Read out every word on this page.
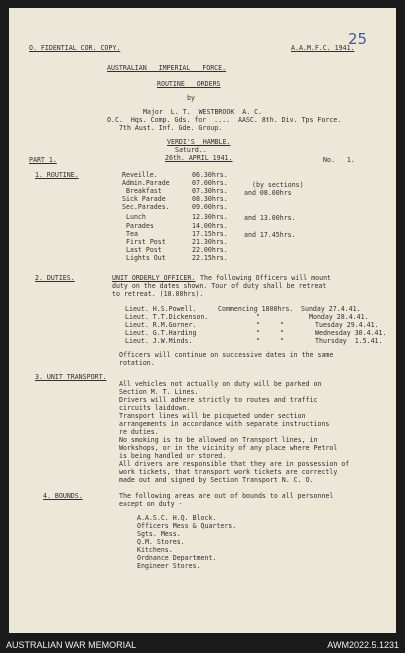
O. FIDENTIAL COR. COPY.	A.A.M.F.C. 1941.
25
AUSTRALIAN   IMPERIAL   FORCE.
ROUTINE   ORDERS
by
Major  L. T.  WESTBROOK  A. C.
O.C.  Hqs. Comp. Gds. for  ....  AASC. 8th. Div. Tps Force.
7th Aust. Inf. Gde. Group.
VERDI'S  HAMBLE.
Saturd..
26th. APRIL 1941.
PART 1.	No.   1.
1. ROUTINE.	Reveille.	06.30hrs.
Admin.Parade	07.00hrs.	(by sections)
Breakfast	07.30hrs. and 08.00hrs
Sick Parade	08.30hrs.
Sec.Parades.	09.00hrs.
Lunch	12.30hrs. and 13.00hrs.
Parades	14.00hrs.
Tea	17.15hrs. and 17.45hrs.
First Post	21.30hrs.
Last Post	22.00hrs.
Lights Out	22.15hrs.
2. DUTIES.	UNIT ORDERLY OFFICER. The following Officers will mount
duty on the dates shown. Tour of duty shall be retreat
to retreat. (18.00hrs).
Lieut. H.S.Powell.	Commencing 1800hrs. Sunday 27.4.41.
Lieut. T.T.Dickenson.	"	Monday 28.4.41.
Lieut. R.M.Gorner.	"     "	Tuesday 29.4.41.
Lieut. G.T.Harding	"     "	Wednesday 30.4.41.
Lieut. J.W.Minds.	"     "	Thursday  1.5.41.
Officers will continue on successive dates in the same
rotation.
3. UNIT TRANSPORT.
All vehicles not actually on duty will be parked on
Section M. T. Lines.
Drivers will adhere strictly to routes and traffic
circuits laiddown.
Transport lines will be picqueted under section
arrangements in accordance with separate instructions
re duties.
No smoking is to be allowed on Transport lines, in
Workshops, or in the vicinity of any place where Petrol
is being handled or stored.
All drivers are responsible that they are in possession of
work tickets, that transport work tickets are correctly
made out and signed by Section Transport N. C. O.
4. BOUNDS.	The following areas are out of bounds to all personnel
except on duty -
A.A.S.C. H.Q. Block.
Officers Mess & Quarters.
Sgts. Mess.
Q.M. Stores.
Kitchens.
Ordnance Department.
Engineer Stores.
AUSTRALIAN WAR MEMORIAL	AWM2022.5.1231
